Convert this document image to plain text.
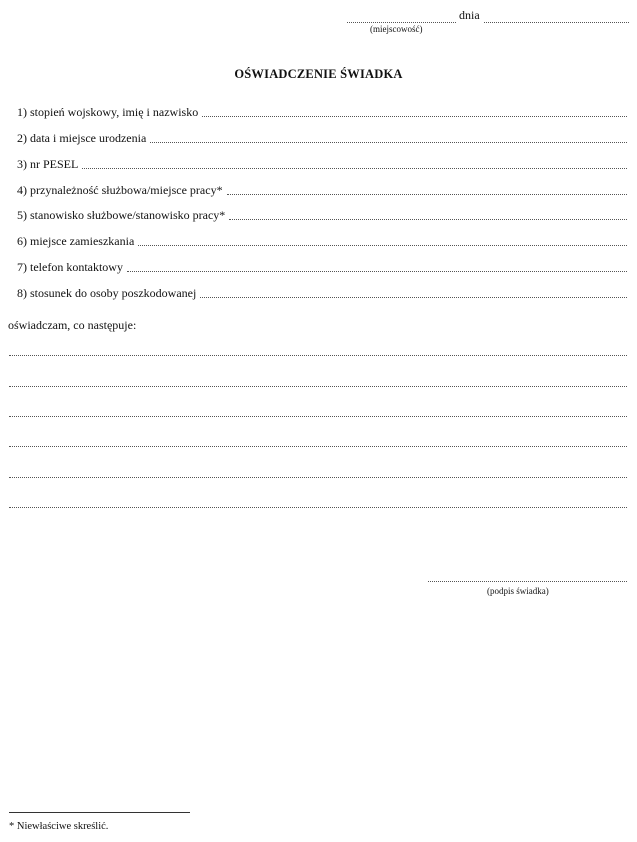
dnia
(miejscowość)
OŚWIADCZENIE ŚWIADKA
1) stopień wojskowy, imię i nazwisko
2) data i miejsce urodzenia
3) nr PESEL
4) przynależność służbowa/miejsce pracy*
5) stanowisko służbowe/stanowisko pracy*
6) miejsce zamieszkania
7) telefon kontaktowy
8) stosunek do osoby poszkodowanej
oświadczam, co następuje:
(podpis świadka)
* Niewłaściwe skreślić.
